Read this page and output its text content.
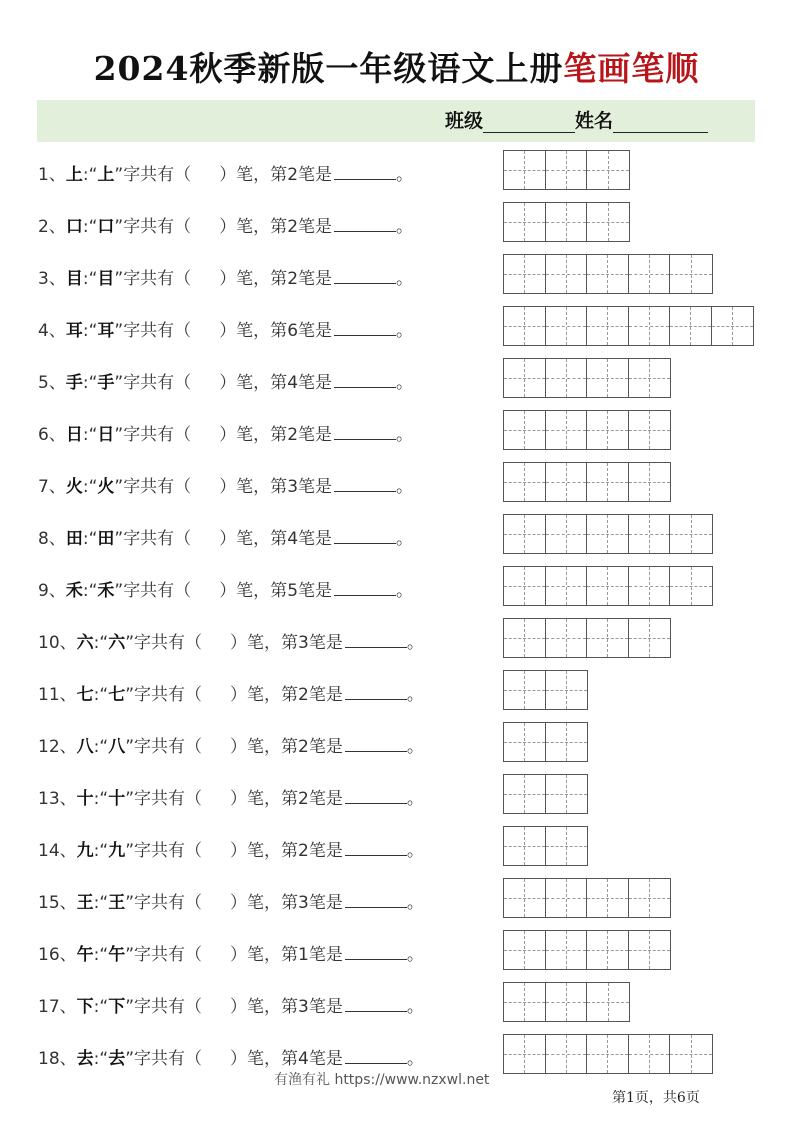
2024秋季新版一年级语文上册笔画笔顺
班级	姓名
1、上:“上”字共有（ ）笔，第2笔是	。
2、口:“口”字共有（ ）笔，第2笔是	。
3、目:“目”字共有（ ）笔，第2笔是	。
4、耳:“耳”字共有（ ）笔，第6笔是	。
5、手:“手”字共有（ ）笔，第4笔是	。
6、日:“日”字共有（ ）笔，第2笔是	。
7、火:“火”字共有（ ）笔，第3笔是	。
8、田:“田”字共有（ ）笔，第4笔是	。
9、禾:“禾”字共有（ ）笔，第5笔是	。
10、六:“六”字共有（ ）笔，第3笔是	。
11、七:“七”字共有（ ）笔，第2笔是	。
12、八:“八”字共有（ ）笔，第2笔是	。
13、十:“十”字共有（ ）笔，第2笔是	。
14、九:“九”字共有（ ）笔，第2笔是	。
15、王:“王”字共有（ ）笔，第3笔是	。
16、午:“午”字共有（ ）笔，第1笔是	。
17、下:“下”字共有（ ）笔，第3笔是	。
18、去:“去”字共有（ ）笔，第4笔是	。
有渔有礼 https://www.nzxwl.net
第1页，共6页
